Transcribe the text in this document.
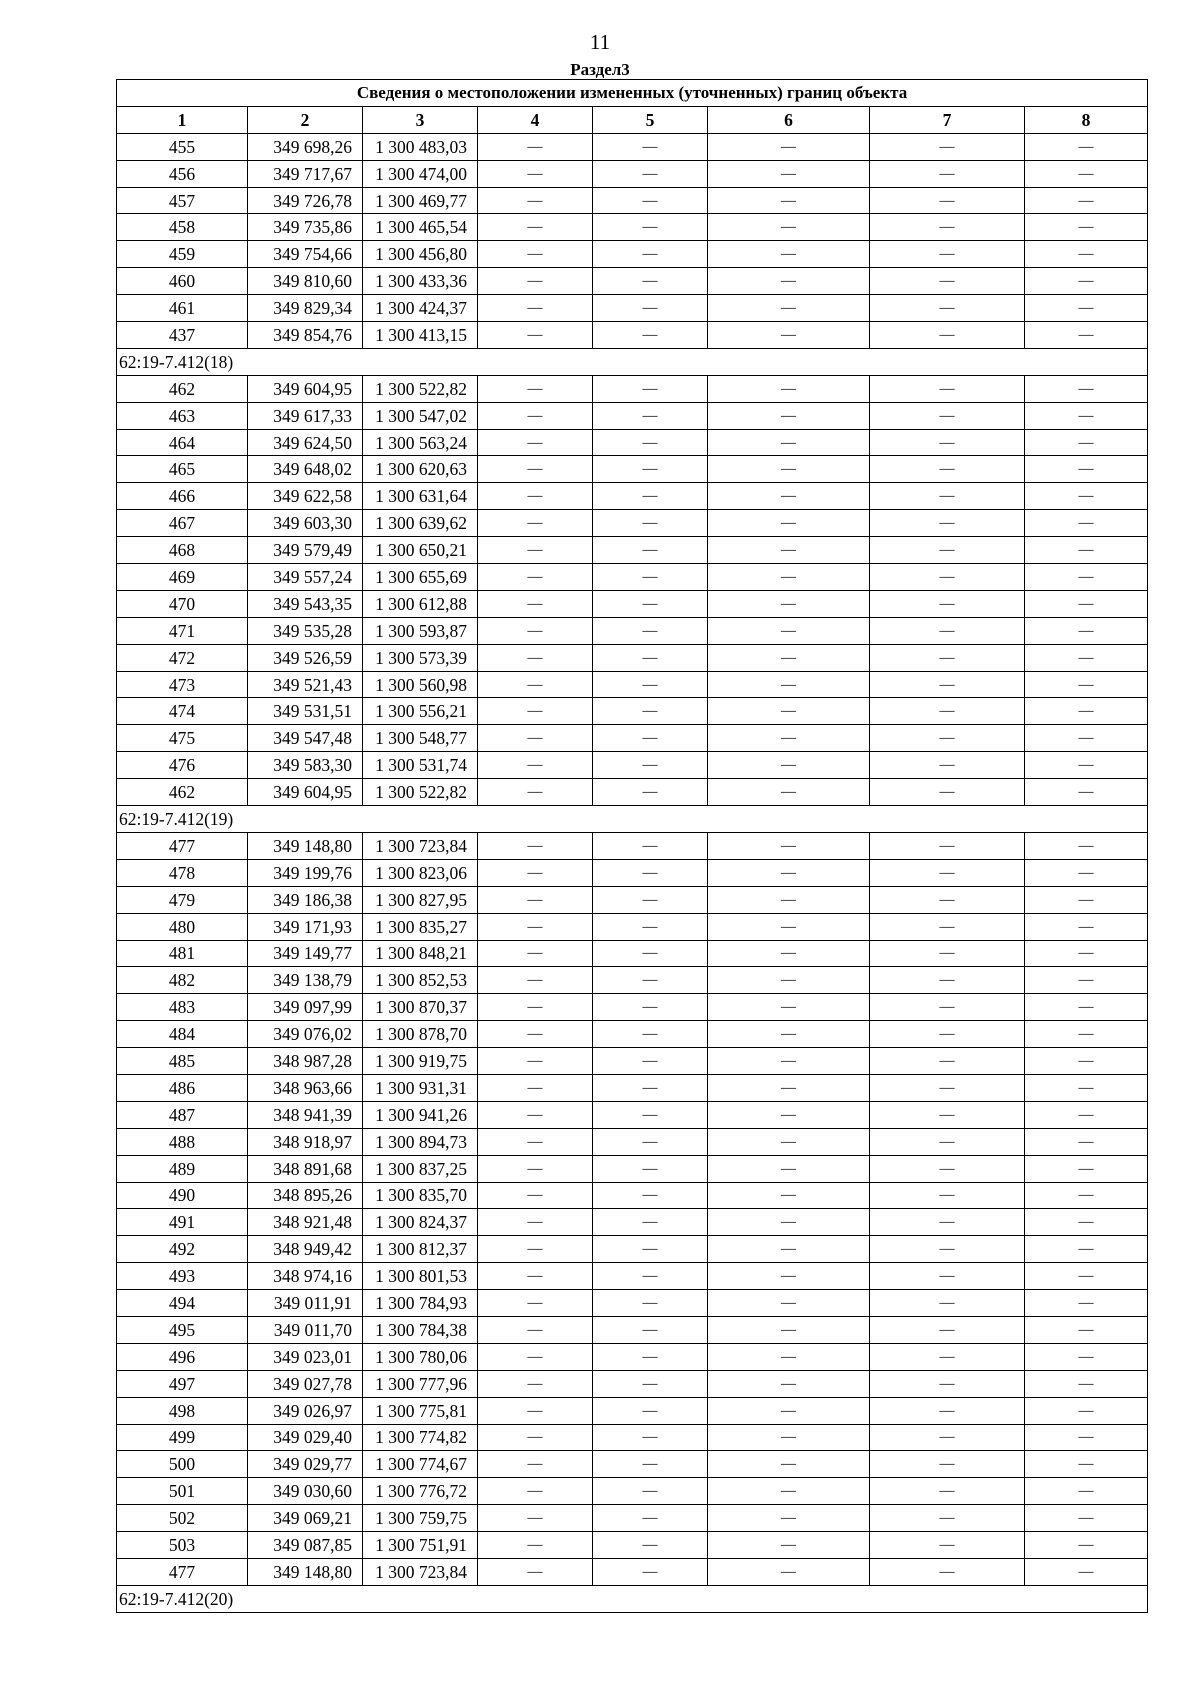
11
Раздел3
Сведения о местоположении измененных (уточненных) границ объекта							
1	2	3	4	5	6	7	8
455	349 698,26	1 300 483,03	—	—	—	—	—
456	349 717,67	1 300 474,00	—	—	—	—	—
457	349 726,78	1 300 469,77	—	—	—	—	—
458	349 735,86	1 300 465,54	—	—	—	—	—
459	349 754,66	1 300 456,80	—	—	—	—	—
460	349 810,60	1 300 433,36	—	—	—	—	—
461	349 829,34	1 300 424,37	—	—	—	—	—
437	349 854,76	1 300 413,15	—	—	—	—	—
62:19-7.412(18)							
462	349 604,95	1 300 522,82	—	—	—	—	—
463	349 617,33	1 300 547,02	—	—	—	—	—
464	349 624,50	1 300 563,24	—	—	—	—	—
465	349 648,02	1 300 620,63	—	—	—	—	—
466	349 622,58	1 300 631,64	—	—	—	—	—
467	349 603,30	1 300 639,62	—	—	—	—	—
468	349 579,49	1 300 650,21	—	—	—	—	—
469	349 557,24	1 300 655,69	—	—	—	—	—
470	349 543,35	1 300 612,88	—	—	—	—	—
471	349 535,28	1 300 593,87	—	—	—	—	—
472	349 526,59	1 300 573,39	—	—	—	—	—
473	349 521,43	1 300 560,98	—	—	—	—	—
474	349 531,51	1 300 556,21	—	—	—	—	—
475	349 547,48	1 300 548,77	—	—	—	—	—
476	349 583,30	1 300 531,74	—	—	—	—	—
462	349 604,95	1 300 522,82	—	—	—	—	—
62:19-7.412(19)							
477	349 148,80	1 300 723,84	—	—	—	—	—
478	349 199,76	1 300 823,06	—	—	—	—	—
479	349 186,38	1 300 827,95	—	—	—	—	—
480	349 171,93	1 300 835,27	—	—	—	—	—
481	349 149,77	1 300 848,21	—	—	—	—	—
482	349 138,79	1 300 852,53	—	—	—	—	—
483	349 097,99	1 300 870,37	—	—	—	—	—
484	349 076,02	1 300 878,70	—	—	—	—	—
485	348 987,28	1 300 919,75	—	—	—	—	—
486	348 963,66	1 300 931,31	—	—	—	—	—
487	348 941,39	1 300 941,26	—	—	—	—	—
488	348 918,97	1 300 894,73	—	—	—	—	—
489	348 891,68	1 300 837,25	—	—	—	—	—
490	348 895,26	1 300 835,70	—	—	—	—	—
491	348 921,48	1 300 824,37	—	—	—	—	—
492	348 949,42	1 300 812,37	—	—	—	—	—
493	348 974,16	1 300 801,53	—	—	—	—	—
494	349 011,91	1 300 784,93	—	—	—	—	—
495	349 011,70	1 300 784,38	—	—	—	—	—
496	349 023,01	1 300 780,06	—	—	—	—	—
497	349 027,78	1 300 777,96	—	—	—	—	—
498	349 026,97	1 300 775,81	—	—	—	—	—
499	349 029,40	1 300 774,82	—	—	—	—	—
500	349 029,77	1 300 774,67	—	—	—	—	—
501	349 030,60	1 300 776,72	—	—	—	—	—
502	349 069,21	1 300 759,75	—	—	—	—	—
503	349 087,85	1 300 751,91	—	—	—	—	—
477	349 148,80	1 300 723,84	—	—	—	—	—
62:19-7.412(20)							
